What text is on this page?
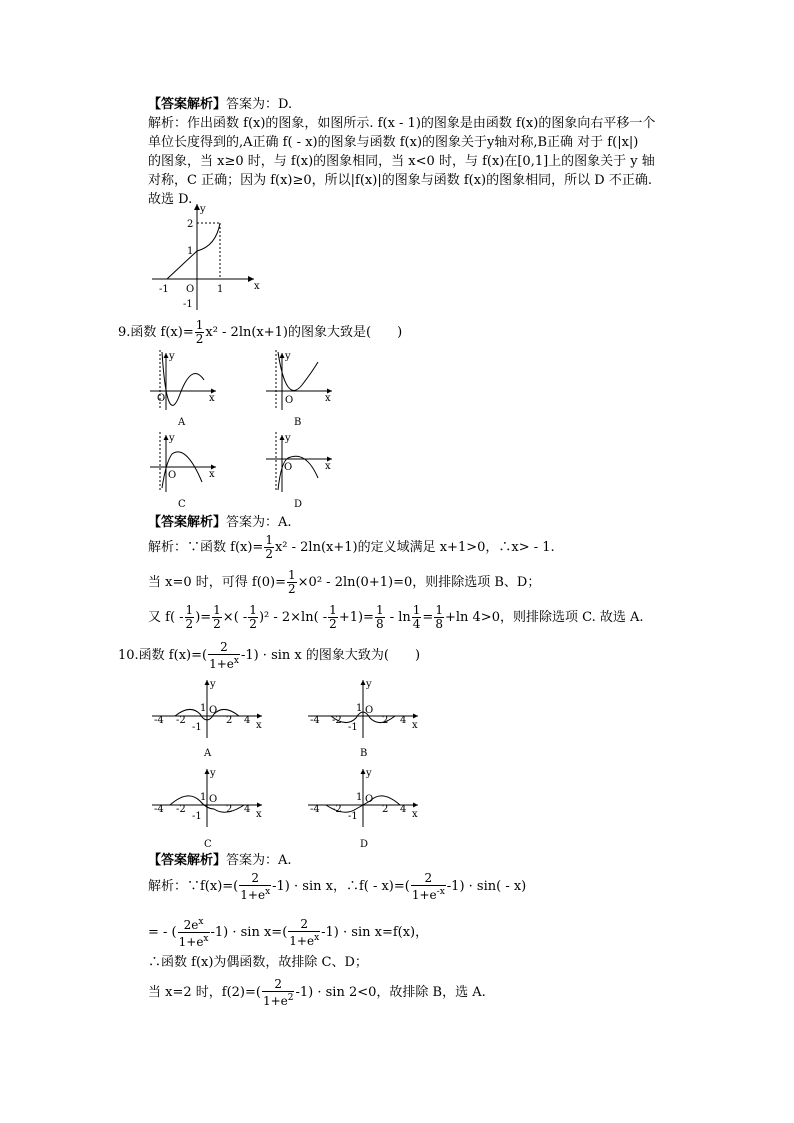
【答案解析】答案为：D.
解析：作出函数 f(x)的图象，如图所示. f(x - 1)的图象是由函数 f(x)的图象向右平移一个
单位长度得到的,A正确 f( - x)的图象与函数 f(x)的图象关于y轴对称,B正确 对于 f(|x|)
的图象，当 x≥0 时，与 f(x)的图象相同，当 x<0 时，与 f(x)在[0,1]上的图象关于 y 轴
对称，C 正确；因为 f(x)≥0，所以|f(x)|的图象与函数 f(x)的图象相同，所以 D 不正确.
故选 D.
y
x
2
1
-1
-1 O 1
9.函数 $f(x)= \frac{1}{2} x^2 - 2\ln(x+1)$的图象大致是(　　)
y
x
O
A
y
x
O
B
y
x
O
C
y
x
O
D
【答案解析】答案为：A.
解析：∵函数 $f(x)= \frac{1}{2} x^2 - 2\ln(x+1)$的定义域满足 x+1>0，∴x> - 1.
当 x=0 时，可得 $f(0)= \frac{1}{2} \times 0^2 - 2\ln(0+1)=0$，则排除选项 B、D；
又 $f( - \frac{1}{2}$ )= $\frac{1}{2}$ ×( - $\frac{1}{2} )^2 - 2\times\ln( - \frac{1}{2} +1)= \frac{1}{8} - \ln \frac{1}{4} = \frac{1}{8} +\ln$ 4>0，则排除选项 C. 故选 A.
10.函数 $f(x)=( \frac{2}{1+e^x} -1) \cdot \sin x$ 的图象大致为(　　)
y
x
-4 -2	2 4
1
-1
O
A
y
x
-4 -2	2 4
1
-1
O
B
y
x
-4 -2	2 4
1
-1
O
C
y
x
-4 -2	2 4
1
-1
O
D
【答案解析】答案为：A.
解析：∵f(x)=( $\frac{2}{1+e^x} -1) \cdot \sin x$，∴f( - $x)=( \frac{2}{1+e^{-x}} -1) \cdot \sin( - x)$
= - ( $\frac{2e^x}{1+e^x} -1) \cdot \sin x=( \frac{2}{1+e^x} -1) \cdot \sin x=f(x)$，
∴函数 f(x)为偶函数，故排除 C、D；
当 x=2 时，$f(2)=( \frac{2}{1+e^2} -1) \cdot \sin 2<0$，故排除 B，选 A.
